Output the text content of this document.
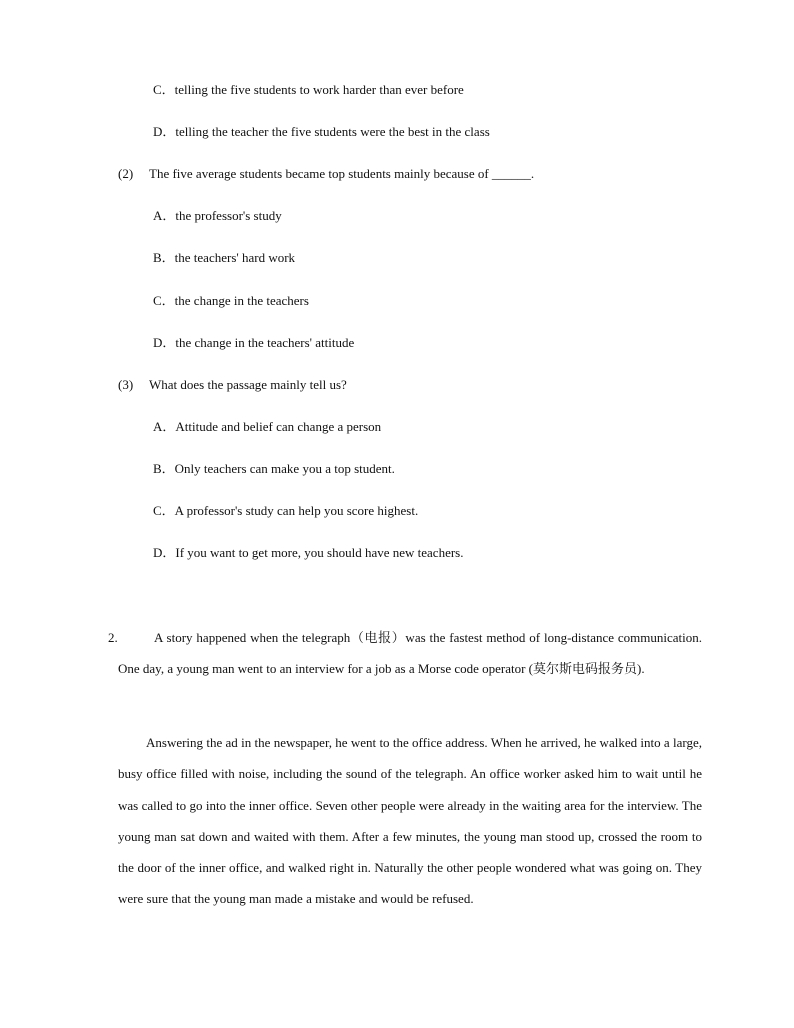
C．telling the five students to work harder than ever before
D．telling the teacher the five students were the best in the class
(2) The five average students became top students mainly because of ______.
A．the professor's study
B．the teachers' hard work
C．the change in the teachers
D．the change in the teachers' attitude
(3) What does the passage mainly tell us?
A．Attitude and belief can change a person
B．Only teachers can make you a top student.
C．A professor's study can help you score highest.
D．If you want to get more, you should have new teachers.
2.	A story happened when the telegraph（电报）was the fastest method of long-distance communication. One day, a young man went to an interview for a job as a Morse code operator (莫尔斯电码报务员).
Answering the ad in the newspaper, he went to the office address. When he arrived, he walked into a large, busy office filled with noise, including the sound of the telegraph. An office worker asked him to wait until he was called to go into the inner office. Seven other people were already in the waiting area for the interview. The young man sat down and waited with them. After a few minutes, the young man stood up, crossed the room to the door of the inner office, and walked right in. Naturally the other people wondered what was going on. They were sure that the young man made a mistake and would be refused.
